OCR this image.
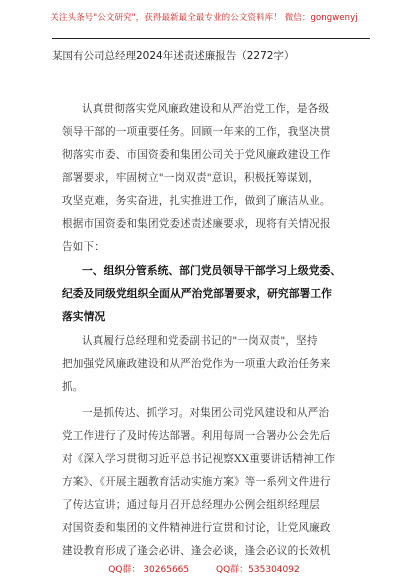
关注头条号"公文研究"，获得最新最全最专业的公文资料库！ 微信：gongwenyj
某国有公司总经理2024年述责述廉报告（2272字）
认真贯彻落实党风廉政建设和从严治党工作，是各级
领导干部的一项重要任务。回顾一年来的工作，我坚决贯
彻落实市委、市国资委和集团公司关于党风廉政建设工作
部署要求，牢固树立"一岗双责"意识，积极抚筹谋划，
攻坚克难，务实奋进，扎实推进工作，做到了廉洁从业。
根据市国资委和集团党委述责述廉要求，现将有关情况报
告如下：
一、组织分管系统、部门党员领导干部学习上级党委、
纪委及同级党组织全面从严治党部署要求，研究部署工作
落实情况
认真履行总经理和党委副书记的"一岗双责"，坚持
把加强党风廉政建设和从严治党作为一项重大政治任务来
抓。
一是抓传达、抓学习。对集团公司党风建设和从严治
党工作进行了及时传达部署。利用每周一合署办公会先后
对《深入学习贯彻习近平总书记视察XX重要讲话精神工作
方案》、《开展主题教育活动实施方案》等一系列文件进行
了传达宣讲；通过每月召开总经理办公例会组织经理层
对国资委和集团的文件精神进行宣贯和讨论，让党风廉政
建设教育形成了逢会必讲、逢会必谈，逢会必议的长效机
QQ群： 30265665	QQ群：535304092
